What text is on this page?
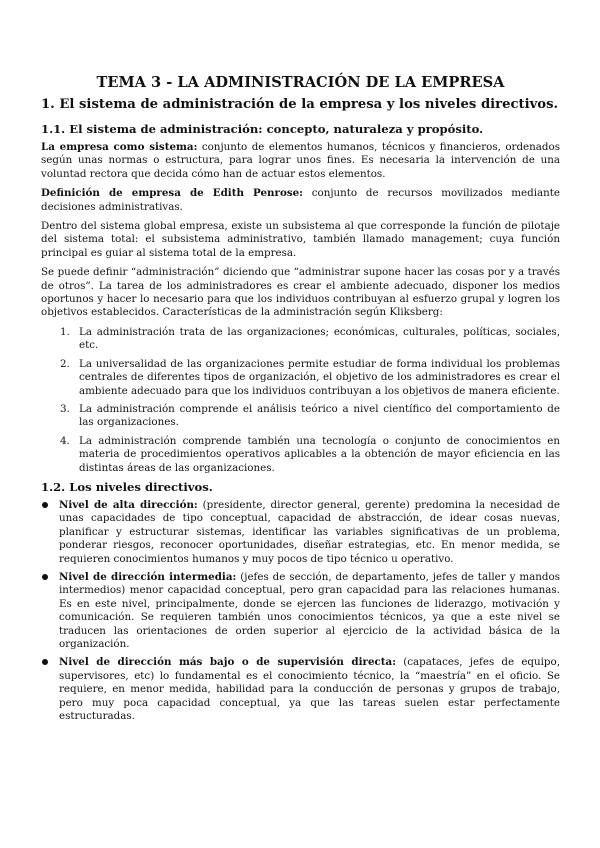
TEMA 3 - LA ADMINISTRACIÓN DE LA EMPRESA
1. El sistema de administración de la empresa y los niveles directivos.
1.1. El sistema de administración: concepto, naturaleza y propósito.

La empresa como sistema: conjunto de elementos humanos, técnicos y financieros, ordenados según unas normas o estructura, para lograr unos fines. Es necesaria la intervención de una voluntad rectora que decida cómo han de actuar estos elementos.

Definición de empresa de Edith Penrose: conjunto de recursos movilizados mediante decisiones administrativas.

Dentro del sistema global empresa, existe un subsistema al que corresponde la función de pilotaje del sistema total: el subsistema administrativo, también llamado management; cuya función principal es guiar al sistema total de la empresa.

Se puede definir “administración” diciendo que “administrar supone hacer las cosas por y a través de otros”. La tarea de los administradores es crear el ambiente adecuado, disponer los medios oportunos y hacer lo necesario para que los individuos contribuyan al esfuerzo grupal y logren los objetivos establecidos. Características de la administración según Kliksberg:

1. La administración trata de las organizaciones; económicas, culturales, políticas, sociales, etc.
2. La universalidad de las organizaciones permite estudiar de forma individual los problemas centrales de diferentes tipos de organización, el objetivo de los administradores es crear el ambiente adecuado para que los individuos contribuyan a los objetivos de manera eficiente.
3. La administración comprende el análisis teórico a nivel científico del comportamiento de las organizaciones.
4. La administración comprende también una tecnología o conjunto de conocimientos en materia de procedimientos operativos aplicables a la obtención de mayor eficiencia en las distintas áreas de las organizaciones.
1.2. Los niveles directivos.
Nivel de alta dirección: (presidente, director general, gerente) predomina la necesidad de unas capacidades de tipo conceptual, capacidad de abstracción, de idear cosas nuevas, planificar y estructurar sistemas, identificar las variables significativas de un problema, ponderar riesgos, reconocer oportunidades, diseñar estrategias, etc. En menor medida, se requieren conocimientos humanos y muy pocos de tipo técnico u operativo.
Nivel de dirección intermedia: (jefes de sección, de departamento, jefes de taller y mandos intermedios) menor capacidad conceptual, pero gran capacidad para las relaciones humanas. Es en este nivel, principalmente, donde se ejercen las funciones de liderazgo, motivación y comunicación. Se requieren también unos conocimientos técnicos, ya que a este nivel se traducen las orientaciones de orden superior al ejercicio de la actividad básica de la organización.
Nivel de dirección más bajo o de supervisión directa: (capataces, jefes de equipo, supervisores, etc) lo fundamental es el conocimiento técnico, la “maestría” en el oficio. Se requiere, en menor medida, habilidad para la conducción de personas y grupos de trabajo, pero muy poca capacidad conceptual, ya que las tareas suelen estar perfectamente estructuradas.
